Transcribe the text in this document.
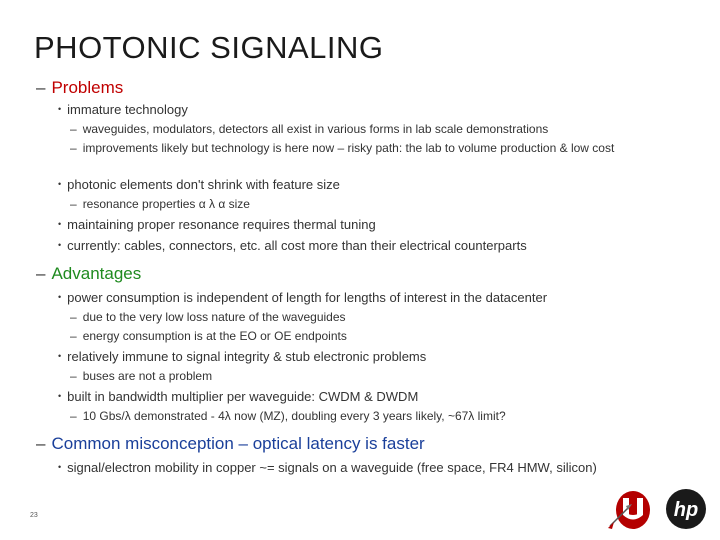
PHOTONIC SIGNALING
– Problems
• immature technology
– waveguides, modulators, detectors all exist in various forms in lab scale demonstrations
– improvements likely but technology is here now – risky path: the lab to volume production & low cost
• photonic elements don't shrink with feature size
– resonance properties α λ α size
• maintaining proper resonance requires thermal tuning
• currently: cables, connectors, etc. all cost more than their electrical counterparts
– Advantages
• power consumption is independent of length for lengths of interest in the datacenter
– due to the very low loss nature of the waveguides
– energy consumption is at the EO or OE endpoints
• relatively immune to signal integrity & stub electronic problems
– buses are not a problem
• built in bandwidth multiplier per waveguide: CWDM & DWDM
– 10 Gbs/λ demonstrated - 4λ now (MZ), doubling every 3 years likely, ~67λ limit?
– Common misconception – optical latency is faster
• signal/electron mobility in copper ~= signals on a waveguide (free space, FR4 HMW, silicon)
23	hp
